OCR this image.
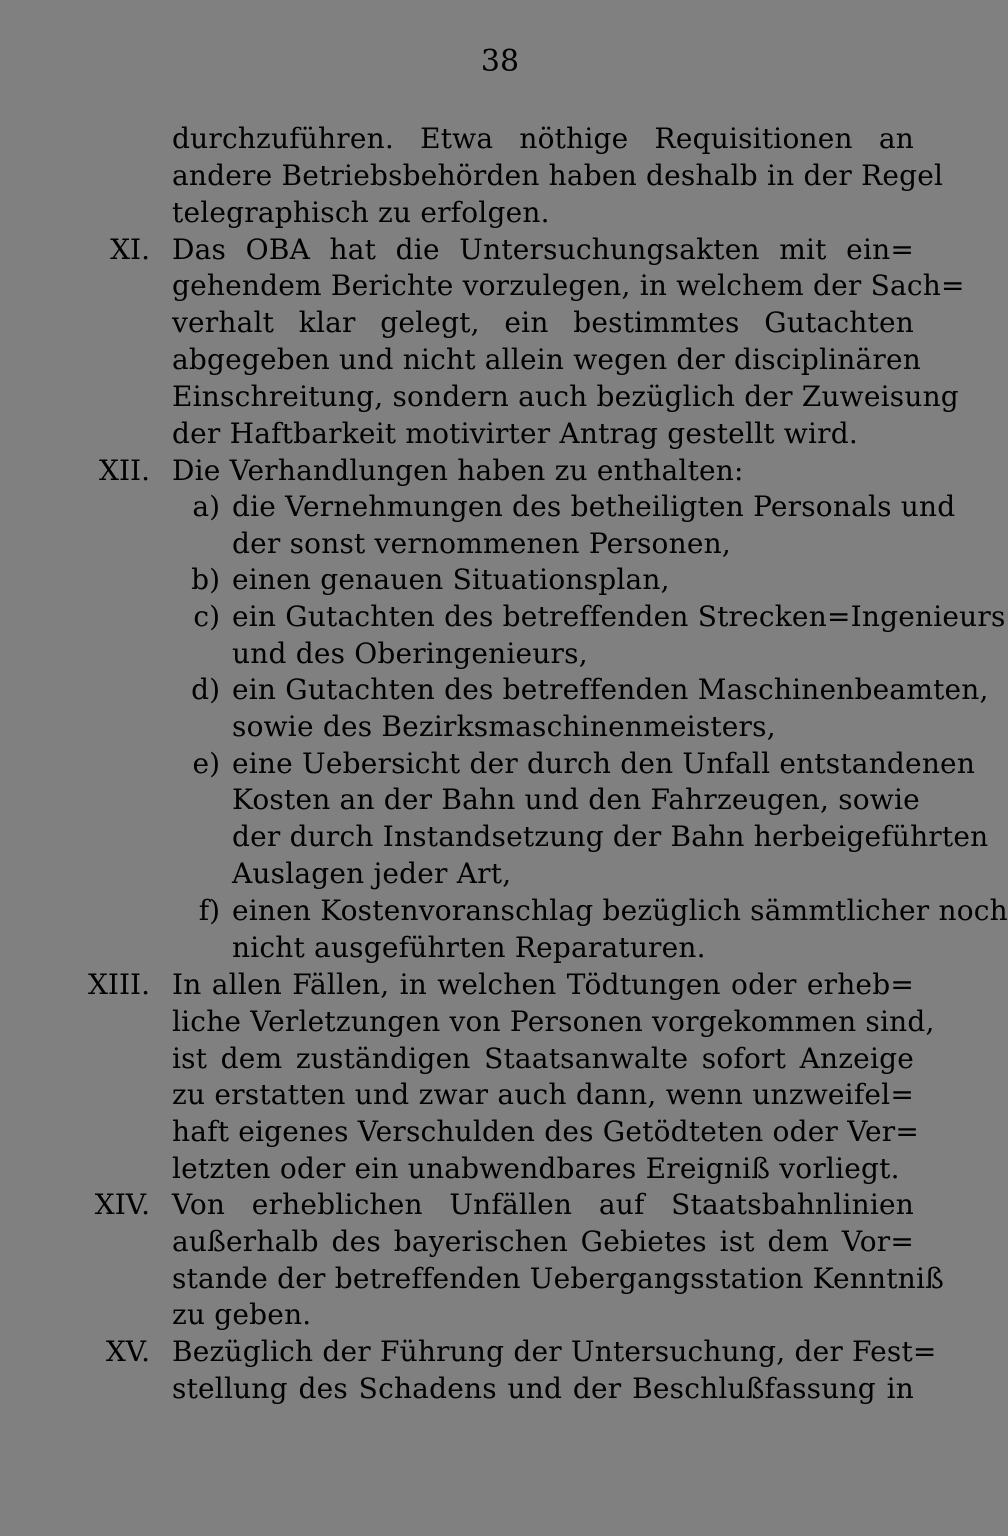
38
XI.
XII.
XIII.
XIV.
XV.
a)
b)
c)
d)
e)
f)
durchzuführen. Etwa nöthige Requisitionen an
andere Betriebsbehörden haben deshalb in der Regel
telegraphisch zu erfolgen.
Das OBA hat die Untersuchungsakten mit ein=
gehendem Berichte vorzulegen, in welchem der Sach=
verhalt klar gelegt, ein bestimmtes Gutachten
abgegeben und nicht allein wegen der disciplinären
Einschreitung, sondern auch bezüglich der Zuweisung
der Haftbarkeit motivirter Antrag gestellt wird.
Die Verhandlungen haben zu enthalten:
die Vernehmungen des betheiligten Personals und
der sonst vernommenen Personen,
einen genauen Situationsplan,
ein Gutachten des betreffenden Strecken=Ingenieurs
und des Oberingenieurs,
ein Gutachten des betreffenden Maschinenbeamten,
sowie des Bezirksmaschinenmeisters,
eine Uebersicht der durch den Unfall entstandenen
Kosten an der Bahn und den Fahrzeugen, sowie
der durch Instandsetzung der Bahn herbeigeführten
Auslagen jeder Art,
einen Kostenvoranschlag bezüglich sämmtlicher noch
nicht ausgeführten Reparaturen.
In allen Fällen, in welchen Tödtungen oder erheb=
liche Verletzungen von Personen vorgekommen sind,
ist dem zuständigen Staatsanwalte sofort Anzeige
zu erstatten und zwar auch dann, wenn unzweifel=
haft eigenes Verschulden des Getödteten oder Ver=
letzten oder ein unabwendbares Ereigniß vorliegt.
Von erheblichen Unfällen auf Staatsbahnlinien
außerhalb des bayerischen Gebietes ist dem Vor=
stande der betreffenden Uebergangsstation Kenntniß
zu geben.
Bezüglich der Führung der Untersuchung, der Fest=
stellung des Schadens und der Beschlußfassung in
